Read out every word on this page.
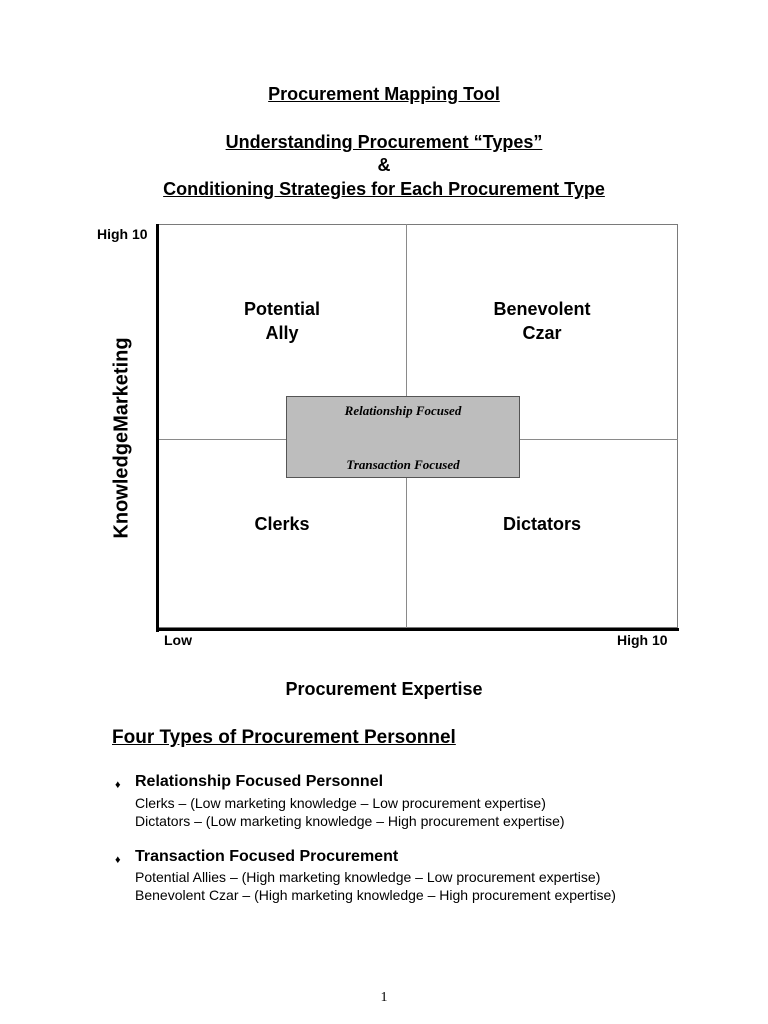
Procurement Mapping Tool
Understanding Procurement “Types”
&
Conditioning Strategies for Each Procurement Type
High 10
KnowledgeMarketing
Low	High 10
Potential
Ally
Benevolent
Czar
Clerks	Dictators
Relationship Focused
Transaction Focused
Procurement Expertise
Four Types of Procurement Personnel
♦ Relationship Focused Personnel
Clerks – (Low marketing knowledge – Low procurement expertise)
Dictators – (Low marketing knowledge – High procurement expertise)
♦ Transaction Focused Procurement
Potential Allies – (High marketing knowledge – Low procurement expertise)
Benevolent Czar – (High marketing knowledge – High procurement expertise)
1
